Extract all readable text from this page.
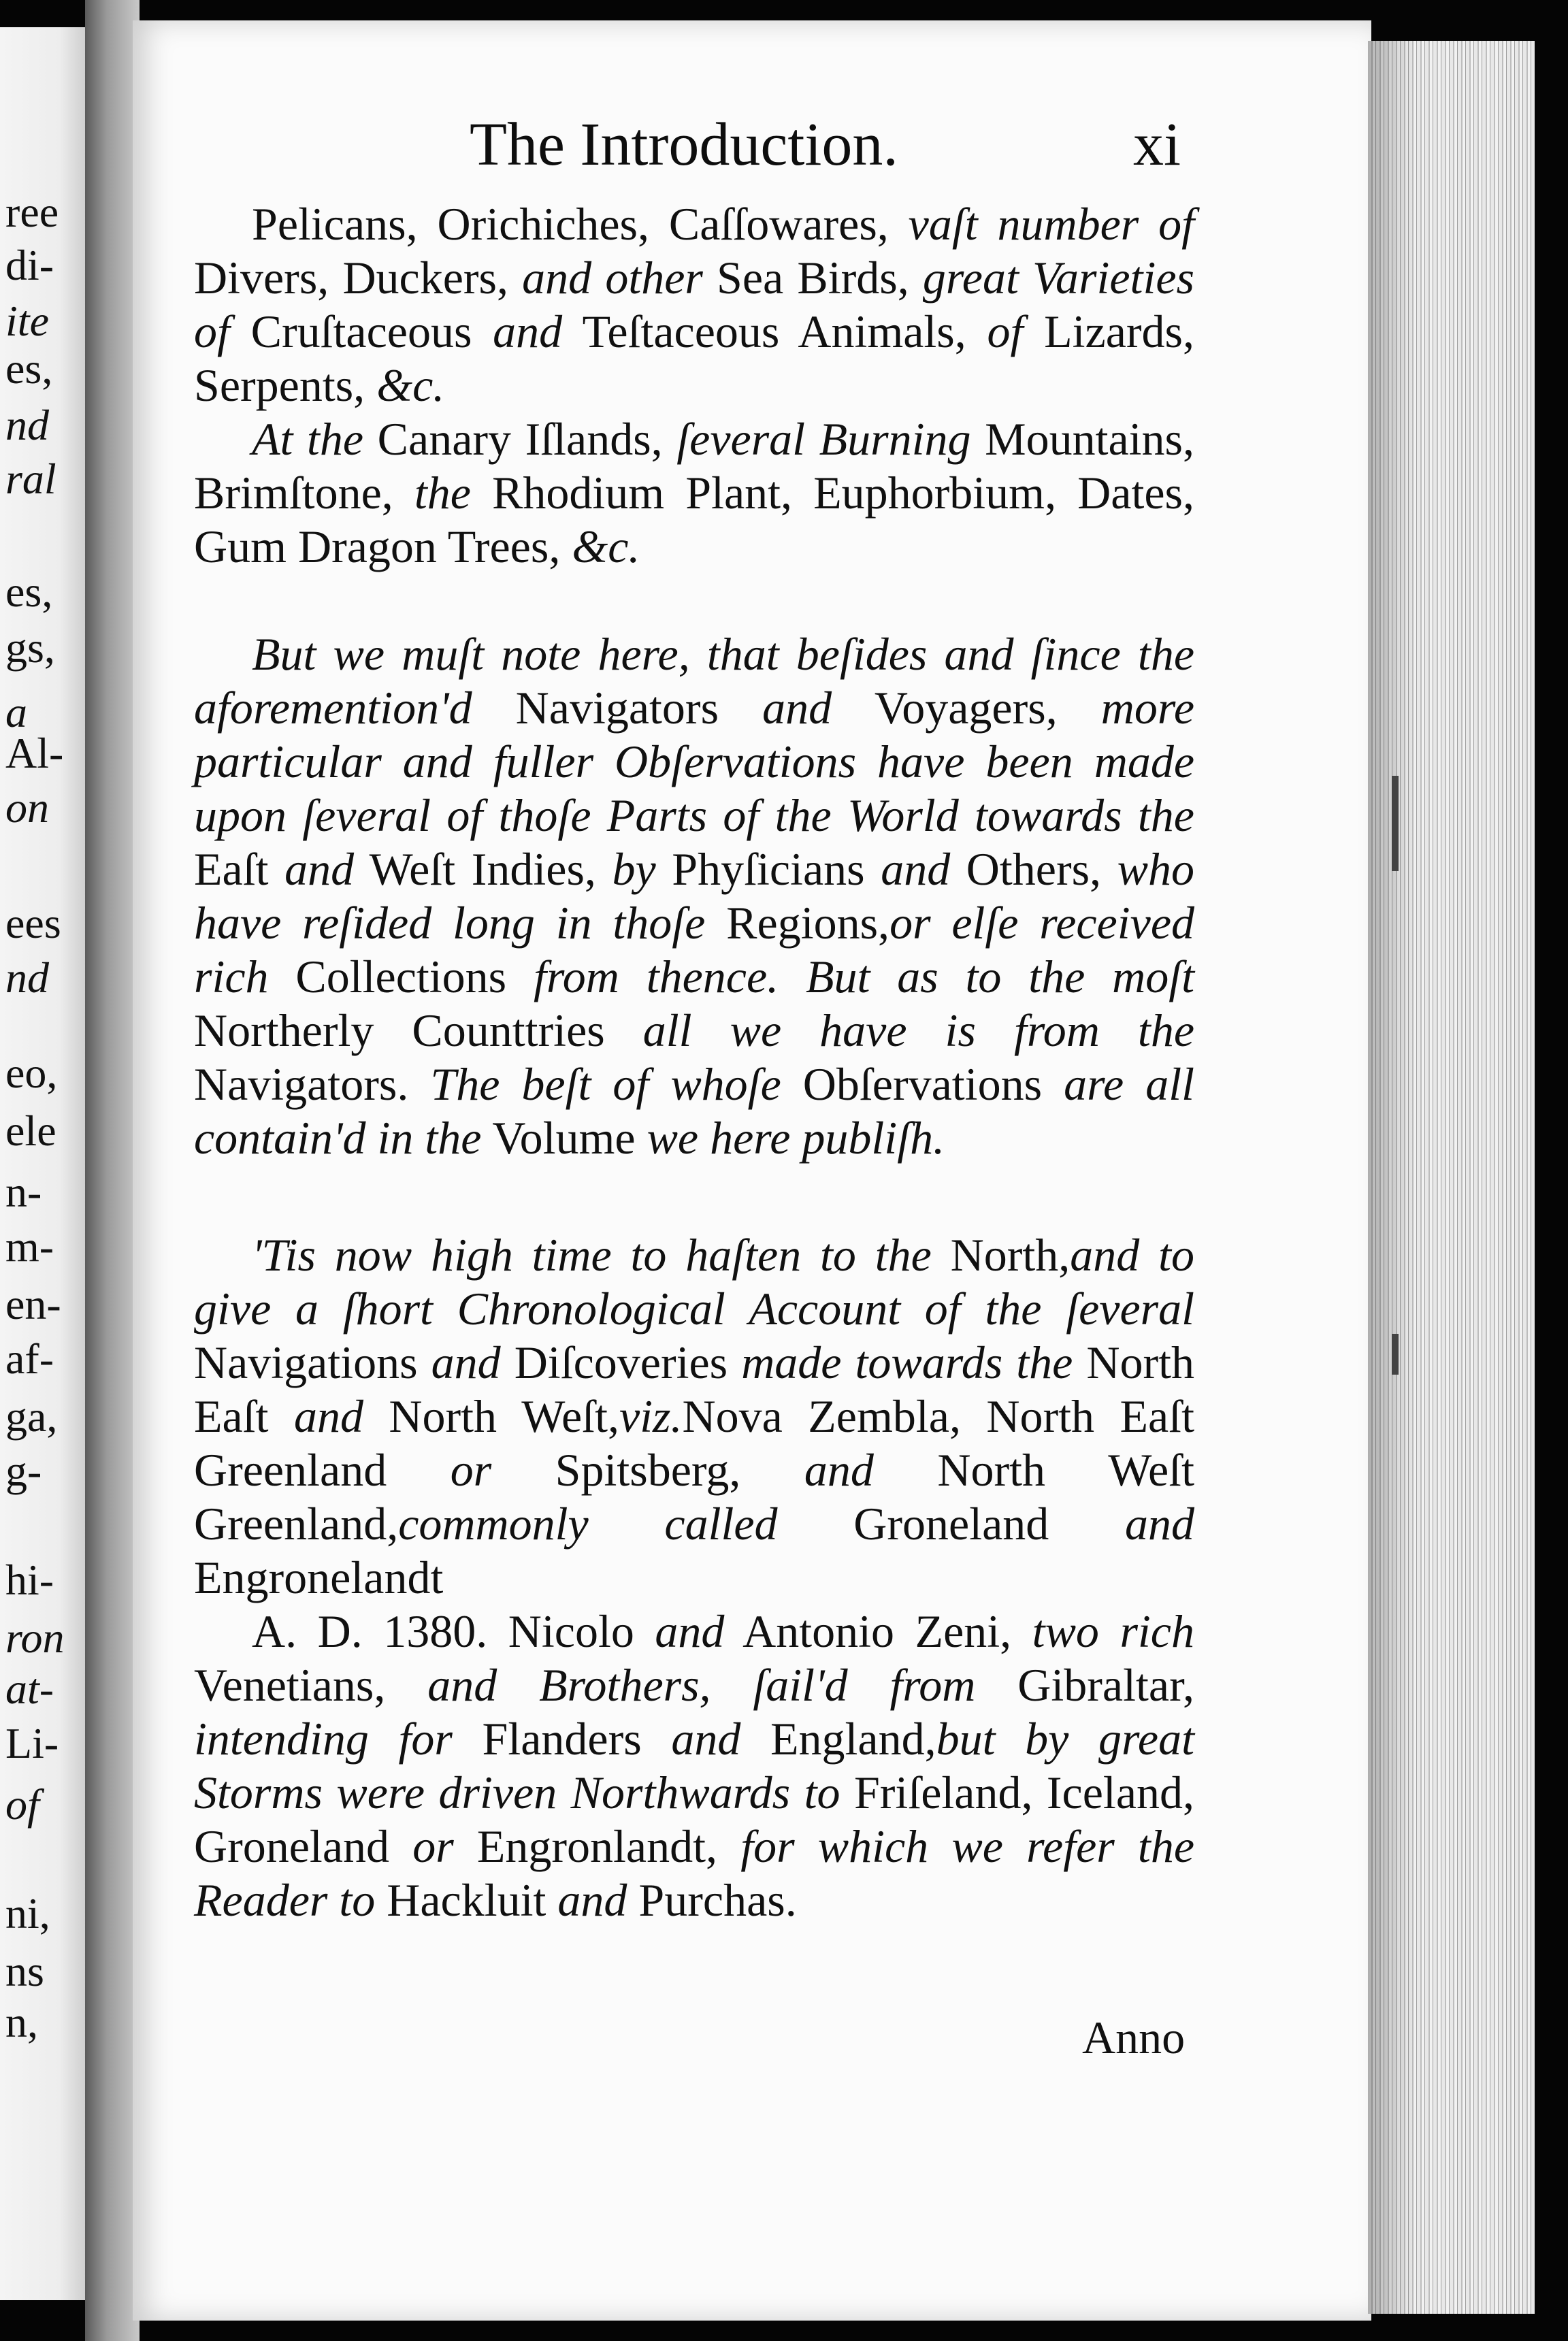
ree
di-
ite
es,
nd
ral
es,
gs,
a
Al-
on
ees
nd
eo,
ele
n-
m-
en-
af-
ga,
g-
hi-
ron
at-
Li-
of
ni,
ns
n,
The Introduction.	xi

Pelicans, Orichiches, Caſſowares, vaſt number of Divers, Duckers, and other Sea Birds, great Varieties of Cruſtaceous and Teſtaceous Animals, of Lizards, Serpents, &c.

At the Canary Iſlands, ſeveral Burning Mountains, Brimſtone, the Rhodium Plant, Euphorbium, Dates, Gum Dragon Trees, &c.

But we muſt note here, that beſides and ſince the aforemention'd Navigators and Voyagers, more particular and fuller Obſervations have been made upon ſeveral of thoſe Parts of the World towards the Eaſt and Weſt Indies, by Phyſicians and Others, who have reſided long in thoſe Regions,or elſe received rich Collections from thence. But as to the moſt Northerly Counttries all we have is from the Navigators. The beſt of whoſe Obſervations are all contain'd in the Volume we here publiſh.

'Tis now high time to haſten to the North,and to give a ſhort Chronological Account of the ſeveral Navigations and Diſcoveries made towards the North Eaſt and North Weſt,viz.Nova Zembla, North Eaſt Greenland or Spitsberg, and North Weſt Greenland,commonly called Groneland and Engronelandt

A. D. 1380. Nicolo and Antonio Zeni, two rich Venetians, and Brothers, ſail'd from Gibraltar, intending for Flanders and England,but by great Storms were driven Northwards to Friſeland, Iceland, Groneland or Engronlandt, for which we refer the Reader to Hackluit and Purchas.

Anno
